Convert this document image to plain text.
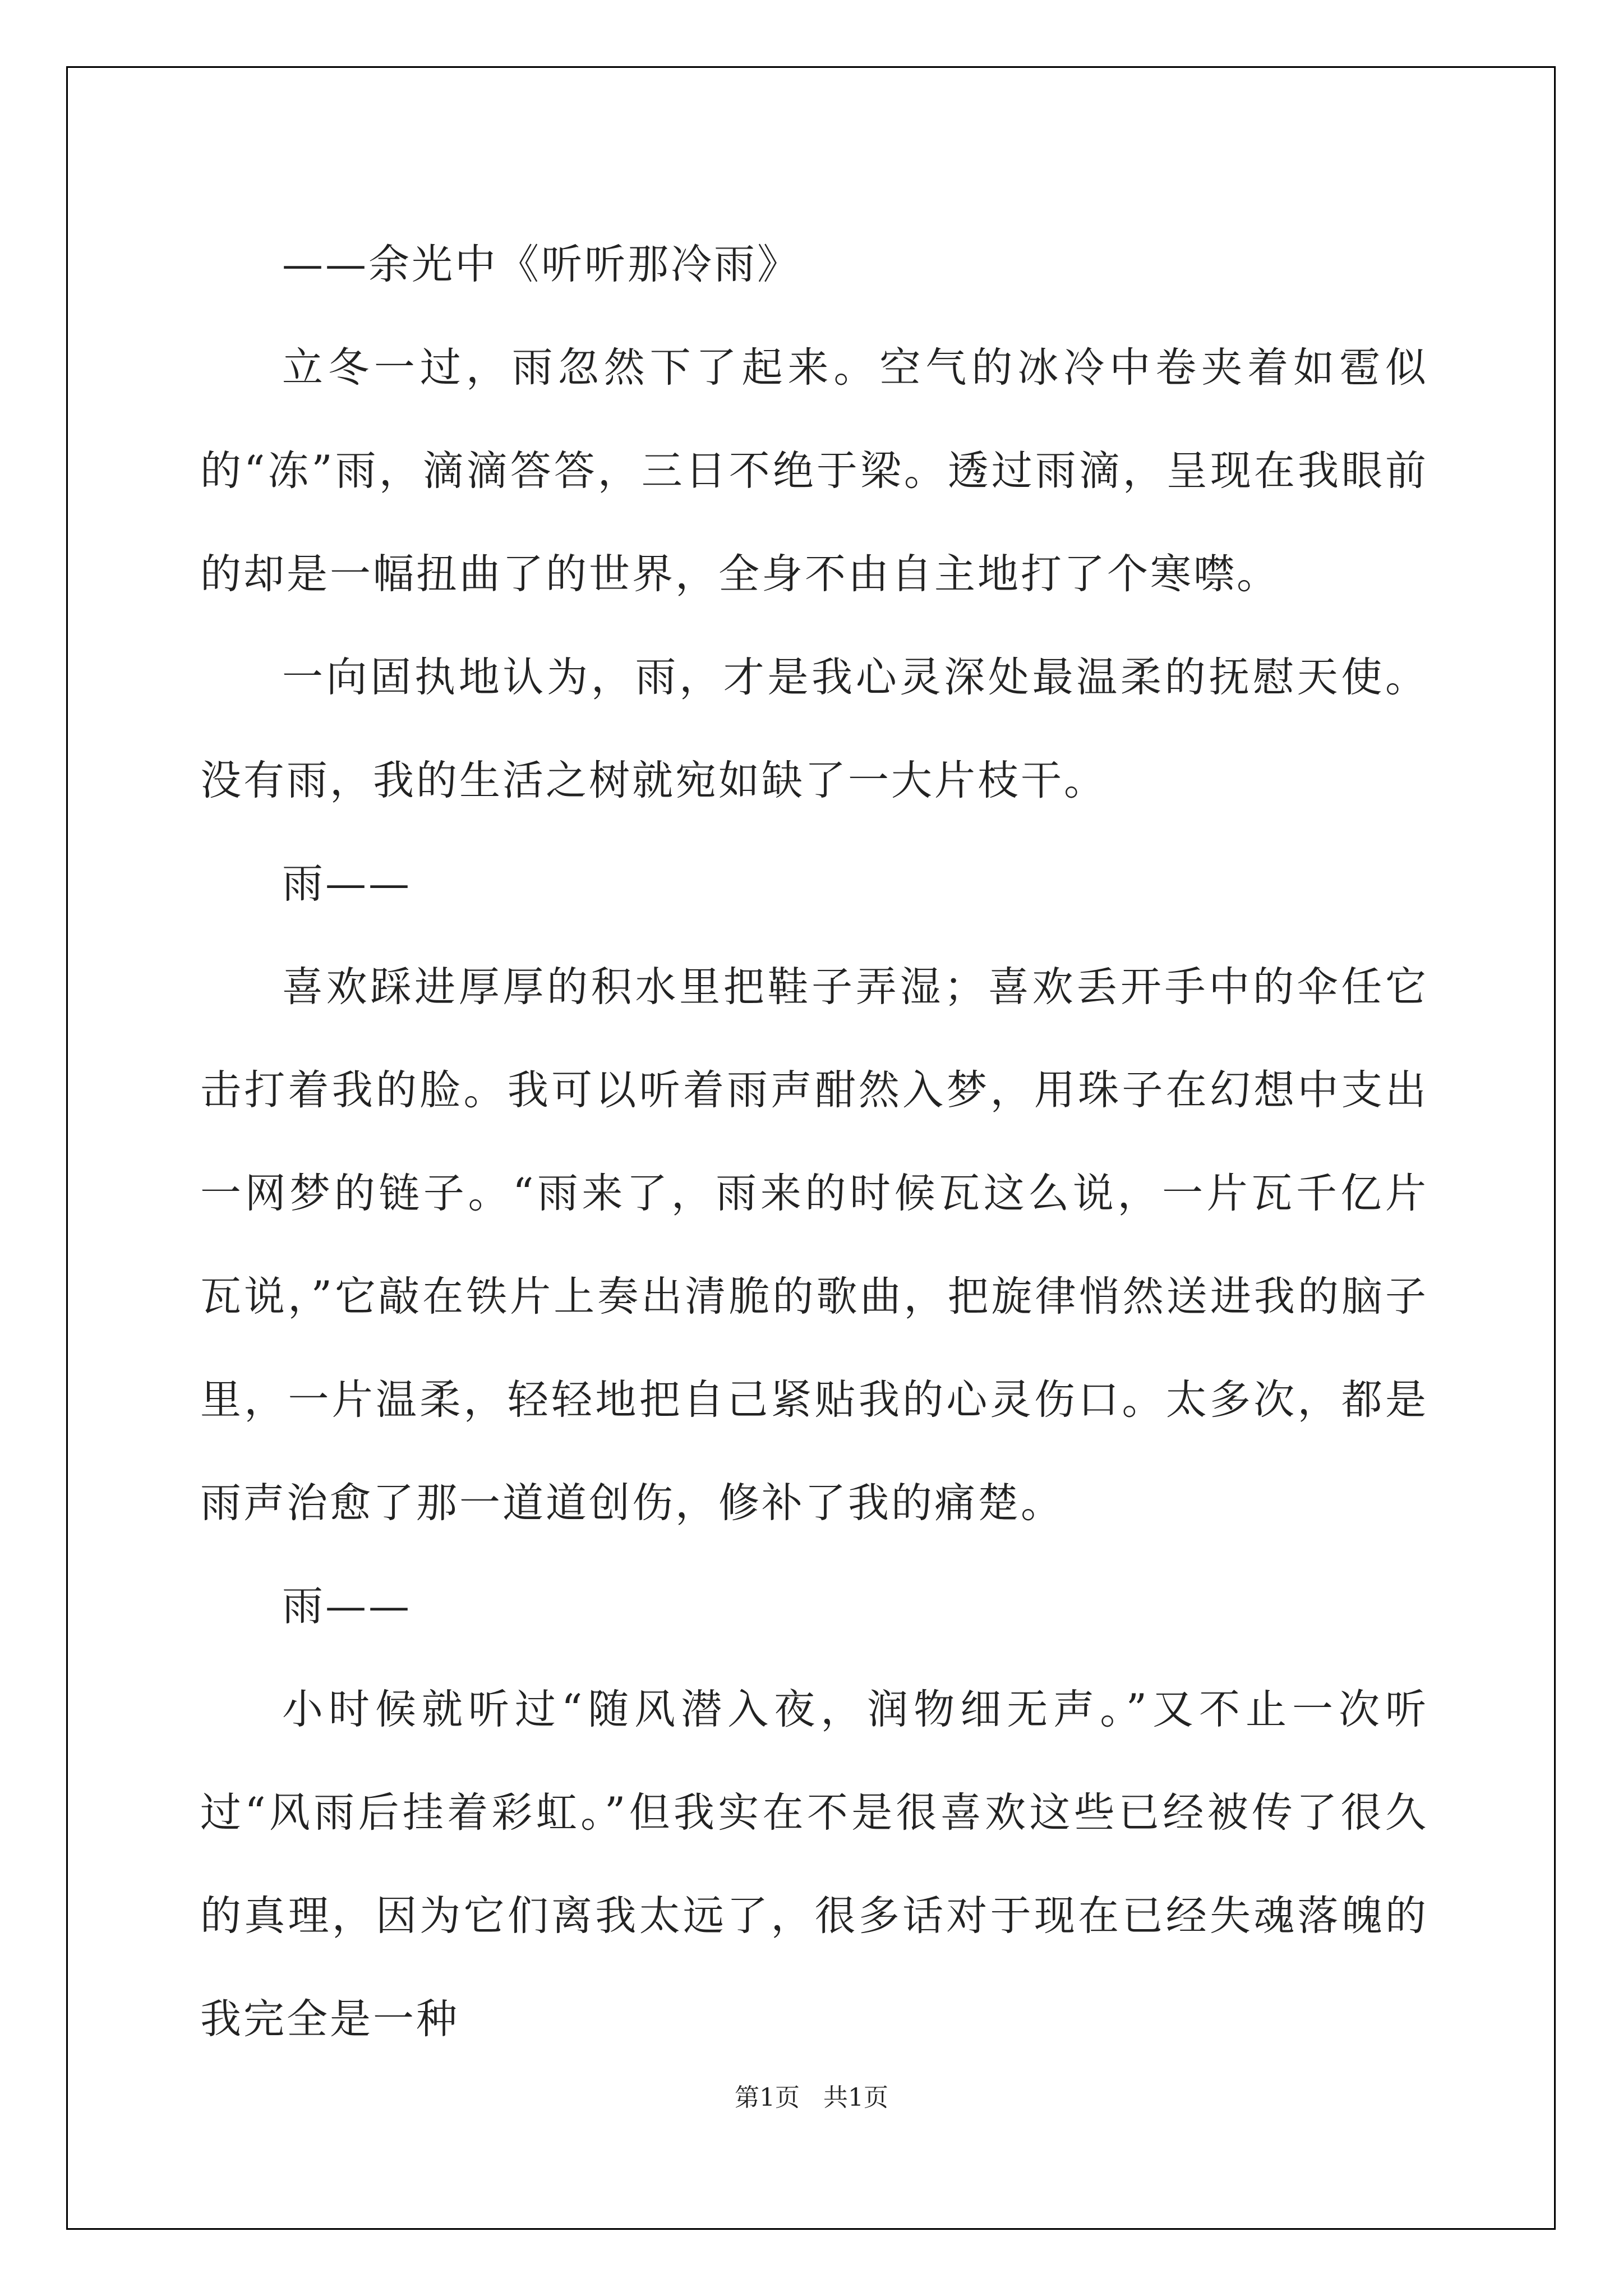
——余光中《听听那冷雨》

立冬一过，雨忽然下了起来。空气的冰冷中卷夹着如雹似的“冻”雨，滴滴答答，三日不绝于梁。透过雨滴，呈现在我眼前的却是一幅扭曲了的世界，全身不由自主地打了个寒噤。

一向固执地认为，雨，才是我心灵深处最温柔的抚慰天使。没有雨，我的生活之树就宛如缺了一大片枝干。

雨——

喜欢踩进厚厚的积水里把鞋子弄湿；喜欢丢开手中的伞任它击打着我的脸。我可以听着雨声酣然入梦，用珠子在幻想中支出一网梦的链子。“雨来了，雨来的时候瓦这么说，一片瓦千亿片瓦说，”它敲在铁片上奏出清脆的歌曲，把旋律悄然送进我的脑子里，一片温柔，轻轻地把自己紧贴我的心灵伤口。太多次，都是雨声治愈了那一道道创伤，修补了我的痛楚。

雨——

小时候就听过“随风潜入夜，润物细无声。”又不止一次听过“风雨后挂着彩虹。”但我实在不是很喜欢这些已经被传了很久的真理，因为它们离我太远了，很多话对于现在已经失魂落魄的我完全是一种

第1页   共1页
